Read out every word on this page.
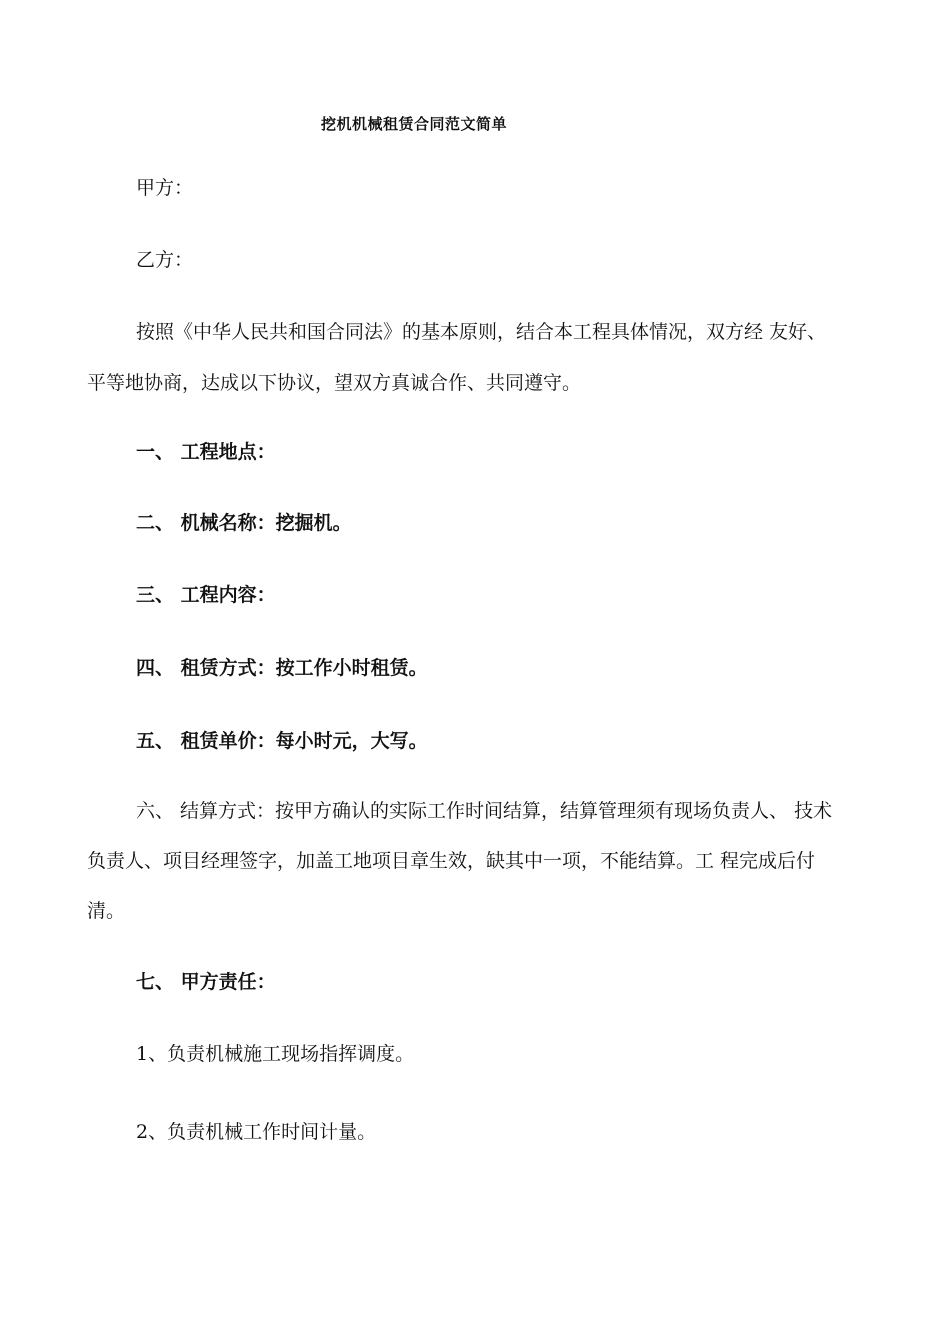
挖机机械租赁合同范文简单
甲方：
乙方：
按照《中华人民共和国合同法》的基本原则，结合本工程具体情况，双方经 友好、
平等地协商，达成以下协议，望双方真诚合作、共同遵守。
一、 工程地点：
二、 机械名称：挖掘机。
三、 工程内容：
四、 租赁方式：按工作小时租赁。
五、 租赁单价：每小时元，大写。
六、 结算方式：按甲方确认的实际工作时间结算，结算管理须有现场负责人、 技术
负责人、项目经理签字，加盖工地项目章生效，缺其中一项，不能结算。工 程完成后付
清。
七、 甲方责任：
1、负责机械施工现场指挥调度。
2、负责机械工作时间计量。
